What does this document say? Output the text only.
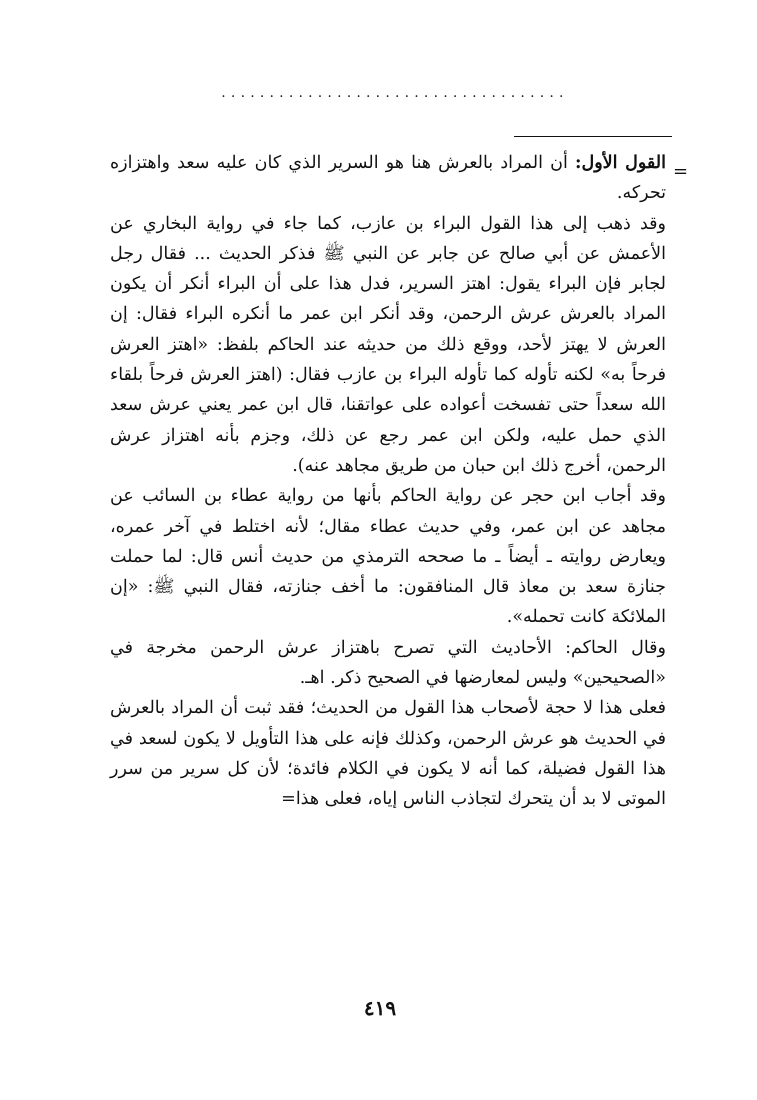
....................................
=

القول الأول: أن المراد بالعرش هنا هو السرير الذي كان عليه سعد واهتزازه تحركه.

وقد ذهب إلى هذا القول البراء بن عازب، كما جاء في رواية البخاري عن الأعمش عن أبي صالح عن جابر عن النبي ﷺ فذكر الحديث ... فقال رجل لجابر فإن البراء يقول: اهتز السرير، فدل هذا على أن البراء أنكر أن يكون المراد بالعرش عرش الرحمن، وقد أنكر ابن عمر ما أنكره البراء فقال: إن العرش لا يهتز لأحد، ووقع ذلك من حديثه عند الحاكم بلفظ: «اهتز العرش فرحاً به» لكنه تأوله كما تأوله البراء بن عازب فقال: (اهتز العرش فرحاً بلقاء الله سعداً حتى تفسخت أعواده على عواتقنا، قال ابن عمر يعني عرش سعد الذي حمل عليه، ولكن ابن عمر رجع عن ذلك، وجزم بأنه اهتزاز عرش الرحمن، أخرج ذلك ابن حبان من طريق مجاهد عنه).

وقد أجاب ابن حجر عن رواية الحاكم بأنها من رواية عطاء بن السائب عن مجاهد عن ابن عمر، وفي حديث عطاء مقال؛ لأنه اختلط في آخر عمره، ويعارض روايته ـ أيضاً ـ ما صححه الترمذي من حديث أنس قال: لما حملت جنازة سعد بن معاذ قال المنافقون: ما أخف جنازته، فقال النبي ﷺ: «إن الملائكة كانت تحمله».

وقال الحاكم: الأحاديث التي تصرح باهتزاز عرش الرحمن مخرجة في «الصحيحين» وليس لمعارضها في الصحيح ذكر. اهـ.

فعلى هذا لا حجة لأصحاب هذا القول من الحديث؛ فقد ثبت أن المراد بالعرش في الحديث هو عرش الرحمن، وكذلك فإنه على هذا التأويل لا يكون لسعد في هذا القول فضيلة، كما أنه لا يكون في الكلام فائدة؛ لأن كل سرير من سرر الموتى لا بد أن يتحرك لتجاذب الناس إياه، فعلى هذا=

٤١٩
